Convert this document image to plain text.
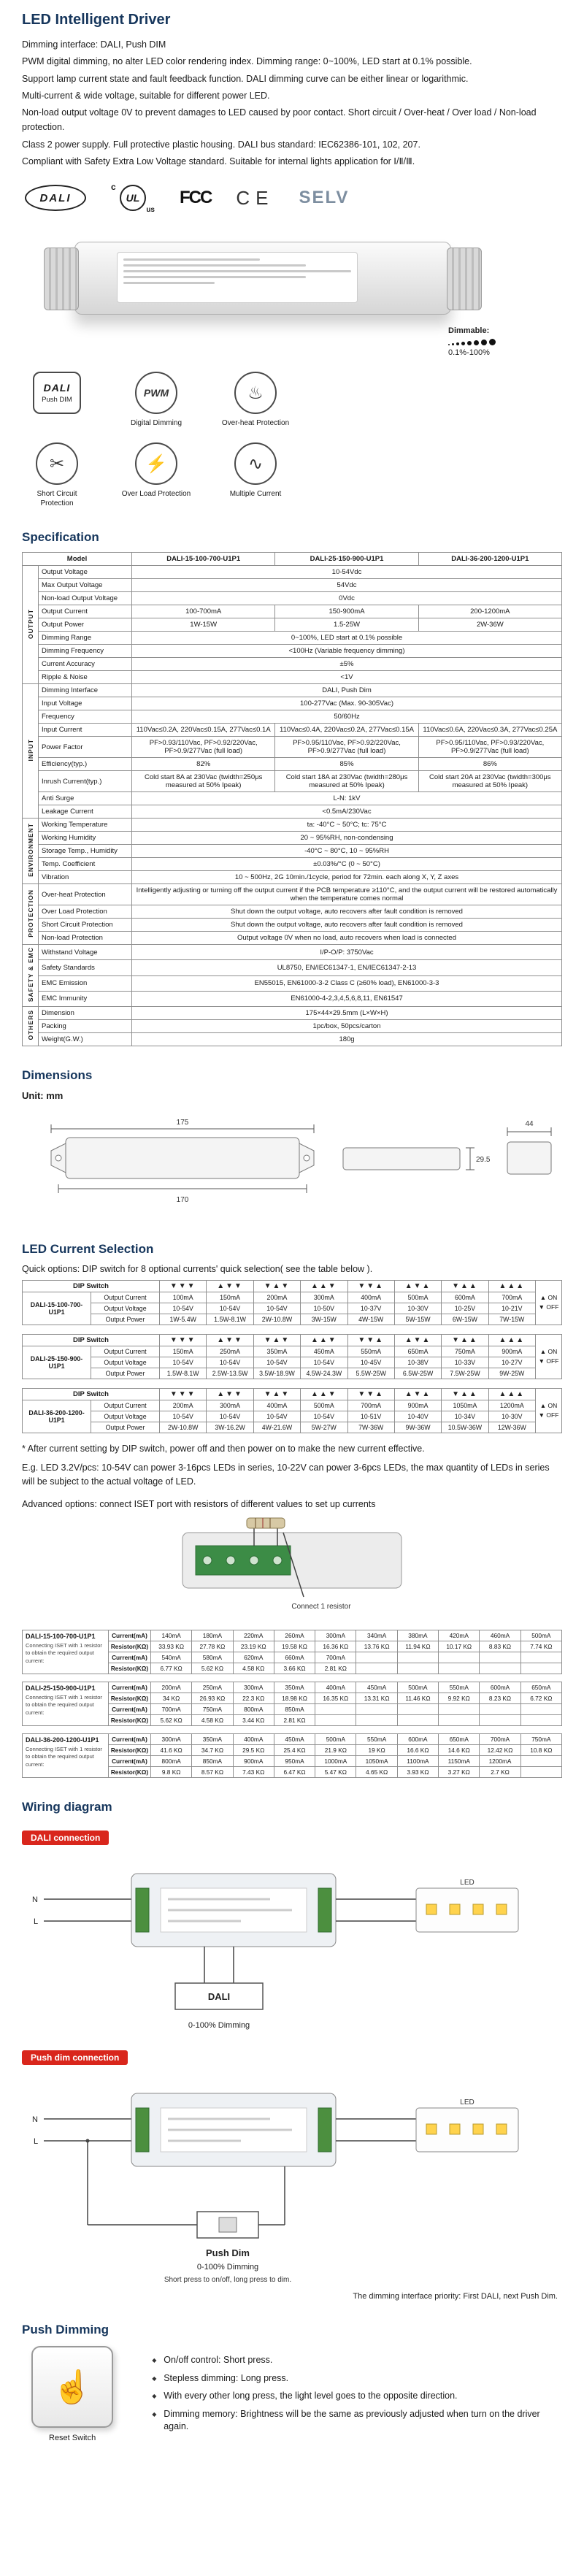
LED Intelligent Driver

Dimming interface: DALI, Push DIM

PWM digital dimming, no alter LED color rendering index. Dimming range: 0~100%, LED start at 0.1% possible.

Support lamp current state and fault feedback function. DALI dimming curve can be either linear or logarithmic.

Multi-current & wide voltage, suitable for different power LED.

Non-load output voltage 0V to prevent damages to LED caused by poor contact. Short circuit / Over-heat / Over load / Non-load protection.

Class 2 power supply. Full protective plastic housing. DALI bus standard: IEC62386-101, 102, 207.

Compliant with Safety Extra Low Voltage standard. Suitable for internal lights application for Ⅰ/Ⅱ/Ⅲ.

DALI
c
UL
us
FCC CE SELV
Dimmable:
0.1%-100%
DALI
Push DIM
PWM
Digital Dimming
♨
Over-heat Protection
✂
Short Circuit Protection
⚡
Over Load Protection
∿
Multiple Current
Specification
Model		DALI-15-100-700-U1P1	DALI-25-150-900-U1P1	DALI-36-200-1200-U1P1
OUTPUT	Output Voltage	10-54Vdc		
	Max Output Voltage	54Vdc		
	Non-load Output Voltage	0Vdc		
	Output Current	100-700mA	150-900mA	200-1200mA
	Output Power	1W-15W	1.5-25W	2W-36W
	Dimming Range	0~100%, LED start at 0.1% possible		
	Dimming Frequency	<100Hz (Variable frequency dimming)		
	Current Accuracy	±5%		
	Ripple & Noise	<1V		
INPUT	Dimming Interface	DALI, Push Dim		
	Input Voltage	100-277Vac (Max. 90-305Vac)		
	Frequency	50/60Hz		
	Input Current	110Vac≤0.2A, 220Vac≤0.15A, 277Vac≤0.1A	110Vac≤0.4A, 220Vac≤0.2A, 277Vac≤0.15A	110Vac≤0.6A, 220Vac≤0.3A, 277Vac≤0.25A
	Power Factor	PF>0.93/110Vac, PF>0.92/220Vac, PF>0.9/277Vac (full load)	PF>0.95/110Vac, PF>0.92/220Vac, PF>0.9/277Vac (full load)	PF>0.95/110Vac, PF>0.93/220Vac, PF>0.9/277Vac (full load)
	Efficiency(typ.)	82%	85%	86%
	Inrush Current(typ.)	Cold start 8A at 230Vac (twidth=250μs measured at 50% Ipeak)	Cold start 18A at 230Vac (twidth=280μs measured at 50% Ipeak)	Cold start 20A at 230Vac (twidth=300μs measured at 50% Ipeak)
	Anti Surge	L-N: 1kV		
	Leakage Current	<0.5mA/230Vac		
ENVIRONMENT	Working Temperature	ta: -40°C ~ 50°C; tc: 75°C		
	Working Humidity	20 ~ 95%RH, non-condensing		
	Storage Temp., Humidity	-40°C ~ 80°C, 10 ~ 95%RH		
	Temp. Coefficient	±0.03%/°C (0 ~ 50°C)		
	Vibration	10 ~ 500Hz, 2G 10min./1cycle, period for 72min. each along X, Y, Z axes		
PROTECTION	Over-heat Protection	Intelligently adjusting or turning off the output current if the PCB temperature ≥110°C, and the output current will be restored automatically when the temperature comes normal		
	Over Load Protection	Shut down the output voltage, auto recovers after fault condition is removed		
	Short Circuit Protection	Shut down the output voltage, auto recovers after fault condition is removed		
	Non-load Protection	Output voltage 0V when no load, auto recovers when load is connected		
SAFETY & EMC	Withstand Voltage	I/P-O/P: 3750Vac		
	Safety Standards	UL8750, EN/IEC61347-1, EN/IEC61347-2-13		
	EMC Emission	EN55015, EN61000-3-2 Class C (≥60% load), EN61000-3-3		
	EMC Immunity	EN61000-4-2,3,4,5,6,8,11, EN61547		
OTHERS	Dimension	175×44×29.5mm (L×W×H)		
	Packing	1pc/box, 50pcs/carton		
	Weight(G.W.)	180g		
Dimensions
Unit: mm
175
170
29.5
44
LED Current Selection

Quick options: DIP switch for 8 optional currents' quick selection( see the table below ).

DIP Switch		▼▼▼	▲▼▼	▼▲▼	▲▲▼	▼▼▲	▲▼▲	▼▲▲	▲▲▲	▲ ON
▼ OFF

DALI-15-100-700-U1P1	Output Current	100mA	150mA	200mA	300mA	400mA	500mA	600mA	700mA	
	Output Voltage	10-54V	10-54V	10-54V	10-50V	10-37V	10-30V	10-25V	10-21V	
	Output Power	1W-5.4W	1.5W-8.1W	2W-10.8W	3W-15W	4W-15W	5W-15W	6W-15W	7W-15W	
DIP Switch		▼▼▼	▲▼▼	▼▲▼	▲▲▼	▼▼▲	▲▼▲	▼▲▲	▲▲▲	▲ ON
▼ OFF

DALI-25-150-900-U1P1	Output Current	150mA	250mA	350mA	450mA	550mA	650mA	750mA	900mA	
	Output Voltage	10-54V	10-54V	10-54V	10-54V	10-45V	10-38V	10-33V	10-27V	
	Output Power	1.5W-8.1W	2.5W-13.5W	3.5W-18.9W	4.5W-24.3W	5.5W-25W	6.5W-25W	7.5W-25W	9W-25W	
DIP Switch		▼▼▼	▲▼▼	▼▲▼	▲▲▼	▼▼▲	▲▼▲	▼▲▲	▲▲▲	▲ ON
▼ OFF

DALI-36-200-1200-U1P1	Output Current	200mA	300mA	400mA	500mA	700mA	900mA	1050mA	1200mA	
	Output Voltage	10-54V	10-54V	10-54V	10-54V	10-51V	10-40V	10-34V	10-30V	
	Output Power	2W-10.8W	3W-16.2W	4W-21.6W	5W-27W	7W-36W	9W-36W	10.5W-36W	12W-36W	

* After current setting by DIP switch, power off and then power on to make the new current effective.

E.g. LED 3.2V/pcs: 10-54V can power 3-16pcs LEDs in series, 10-22V can power 3-6pcs LEDs, the max quantity of LEDs in series will be subject to the actual voltage of LED.

Advanced options: connect ISET port with resistors of different values to set up currents

Connect 1 resistor
DALI-15-100-700-U1P1
Connecting ISET with 1 resistor to obtain the required output current:	Current(mA)	140mA	180mA	220mA	260mA	300mA	340mA	380mA	420mA	460mA	500mA
	Resistor(KΩ)	33.93 KΩ	27.78 KΩ	23.19 KΩ	19.58 KΩ	16.36 KΩ	13.76 KΩ	11.94 KΩ	10.17 KΩ	8.83 KΩ	7.74 KΩ
	Current(mA)	540mA	580mA	620mA	660mA	700mA					
	Resistor(KΩ)	6.77 KΩ	5.62 KΩ	4.58 KΩ	3.66 KΩ	2.81 KΩ					
DALI-25-150-900-U1P1
Connecting ISET with 1 resistor to obtain the required output current:	Current(mA)	200mA	250mA	300mA	350mA	400mA	450mA	500mA	550mA	600mA	650mA
	Resistor(KΩ)	34 KΩ	26.93 KΩ	22.3 KΩ	18.98 KΩ	16.35 KΩ	13.31 KΩ	11.46 KΩ	9.92 KΩ	8.23 KΩ	6.72 KΩ
	Current(mA)	700mA	750mA	800mA	850mA						
	Resistor(KΩ)	5.62 KΩ	4.58 KΩ	3.44 KΩ	2.81 KΩ						
DALI-36-200-1200-U1P1
Connecting ISET with 1 resistor to obtain the required output current:	Current(mA)	300mA	350mA	400mA	450mA	500mA	550mA	600mA	650mA	700mA	750mA
	Resistor(KΩ)	41.6 KΩ	34.7 KΩ	29.5 KΩ	25.4 KΩ	21.9 KΩ	19 KΩ	16.6 KΩ	14.6 KΩ	12.42 KΩ	10.8 KΩ
	Current(mA)	800mA	850mA	900mA	950mA	1000mA	1050mA	1100mA	1150mA	1200mA	
	Resistor(KΩ)	9.8 KΩ	8.57 KΩ	7.43 KΩ	6.47 KΩ	5.47 KΩ	4.65 KΩ	3.93 KΩ	3.27 KΩ	2.7 KΩ	
Wiring diagram
DALI connection
N
L
LED
DALI
0-100% Dimming
Push dim connection
N
L
LED
Push Dim
0-100% Dimming
Short press to on/off, long press to dim.

The dimming interface priority: First DALI, next Push Dim.

Push Dimming
☝
Reset Switch
◆ On/off control: Short press.
◆ Stepless dimming: Long press.
◆ With every other long press, the light level goes to the opposite direction.
◆ Dimming memory: Brightness will be the same as previously adjusted when turn on the driver again.
